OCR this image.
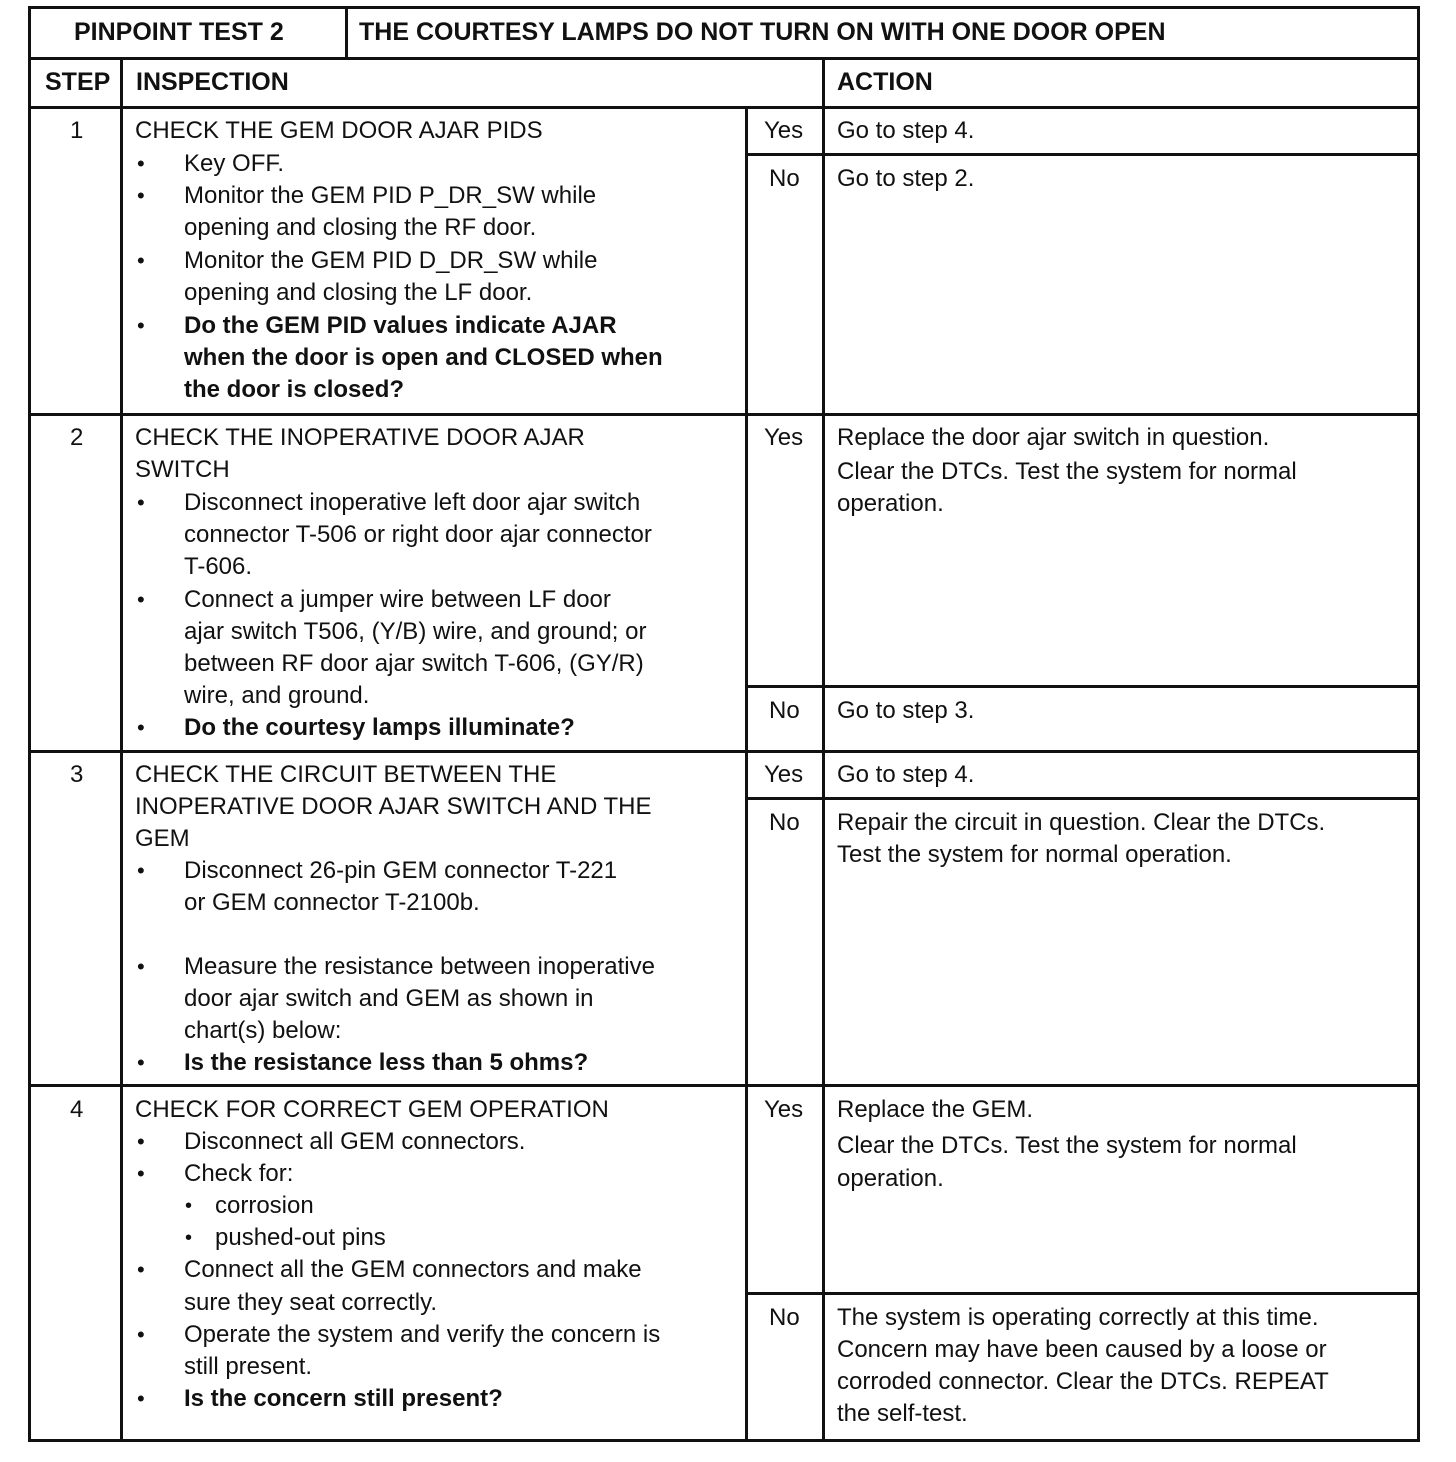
PINPOINT TEST 2	THE COURTESY LAMPS DO NOT TURN ON WITH ONE DOOR OPEN
STEP INSPECTION	ACTION
1 CHECK THE GEM DOOR AJAR PIDS
• Key OFF.
• Monitor the GEM PID P_DR_SW while
opening and closing the RF door.
• Monitor the GEM PID D_DR_SW while
opening and closing the LF door.
• Do the GEM PID values indicate AJAR
when the door is open and CLOSED when
the door is closed?
Yes Go to step 4.
No Go to step 2.
2 CHECK THE INOPERATIVE DOOR AJAR
SWITCH
• Disconnect inoperative left door ajar switch
connector T-506 or right door ajar connector
T-606.
• Connect a jumper wire between LF door
ajar switch T506, (Y/B) wire, and ground; or
between RF door ajar switch T-606, (GY/R)
wire, and ground.
• Do the courtesy lamps illuminate?
Yes Replace the door ajar switch in question.
Clear the DTCs. Test the system for normal
operation.
No Go to step 3.
3 CHECK THE CIRCUIT BETWEEN THE
INOPERATIVE DOOR AJAR SWITCH AND THE
GEM
• Disconnect 26-pin GEM connector T-221
or GEM connector T-2100b.
• Measure the resistance between inoperative
door ajar switch and GEM as shown in
chart(s) below:
• Is the resistance less than 5 ohms?
Yes Go to step 4.
No Repair the circuit in question. Clear the DTCs.
Test the system for normal operation.
4 CHECK FOR CORRECT GEM OPERATION
• Disconnect all GEM connectors.
• Check for:
• corrosion
• pushed-out pins
• Connect all the GEM connectors and make
sure they seat correctly.
• Operate the system and verify the concern is
still present.
• Is the concern still present?
Yes Replace the GEM.
Clear the DTCs. Test the system for normal
operation.
No The system is operating correctly at this time.
Concern may have been caused by a loose or
corroded connector. Clear the DTCs. REPEAT
the self-test.
